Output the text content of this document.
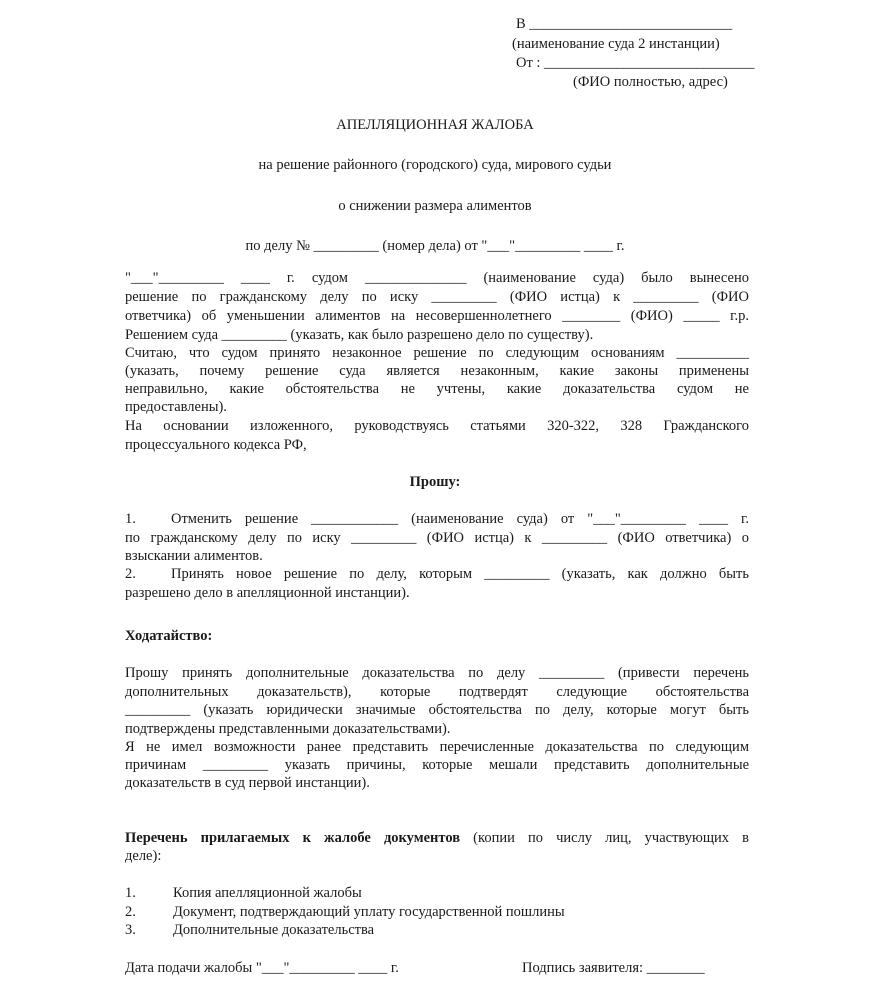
В ____________________________
(наименование суда 2 инстанции)
От : _____________________________
(ФИО полностью, адрес)
АПЕЛЛЯЦИОННАЯ ЖАЛОБА
на решение районного (городского) суда, мирового судьи
о снижении размера алиментов
по делу № _________ (номер дела) от "___"_________ ____ г.
"___"_________ ____ г. судом ______________ (наименование суда) было вынесено
решение по гражданскому делу по иску _________ (ФИО истца) к _________ (ФИО
ответчика) об уменьшении алиментов на несовершеннолетнего ________ (ФИО) _____ г.р.
Решением суда _________ (указать, как было разрешено дело по существу).
Считаю, что судом принято незаконное решение по следующим основаниям __________
(указать, почему решение суда является незаконным, какие законы применены
неправильно, какие обстоятельства не учтены, какие доказательства судом не
предоставлены).
На основании изложенного, руководствуясь статьями 320-322, 328 Гражданского
процессуального кодекса РФ,
Прошу:
1. Отменить решение ____________ (наименование суда) от "___"_________ ____ г.
по гражданскому делу по иску _________ (ФИО истца) к _________ (ФИО ответчика) о
взыскании алиментов.
2. Принять новое решение по делу, которым _________ (указать, как должно быть
разрешено дело в апелляционной инстанции).
Ходатайство:
Прошу принять дополнительные доказательства по делу _________ (привести перечень
дополнительных доказательств), которые подтвердят следующие обстоятельства
_________ (указать юридически значимые обстоятельства по делу, которые могут быть
подтверждены представленными доказательствами).
Я не имел возможности ранее представить перечисленные доказательства по следующим
причинам _________ указать причины, которые мешали представить дополнительные
доказательств в суд первой инстанции).
Перечень прилагаемых к жалобе документов (копии по числу лиц, участвующих в
деле):
1.	Копия апелляционной жалобы
2.	Документ, подтверждающий уплату государственной пошлины
3.	Дополнительные доказательства
Дата подачи жалобы "___"_________ ____ г.	Подпись заявителя: ________
